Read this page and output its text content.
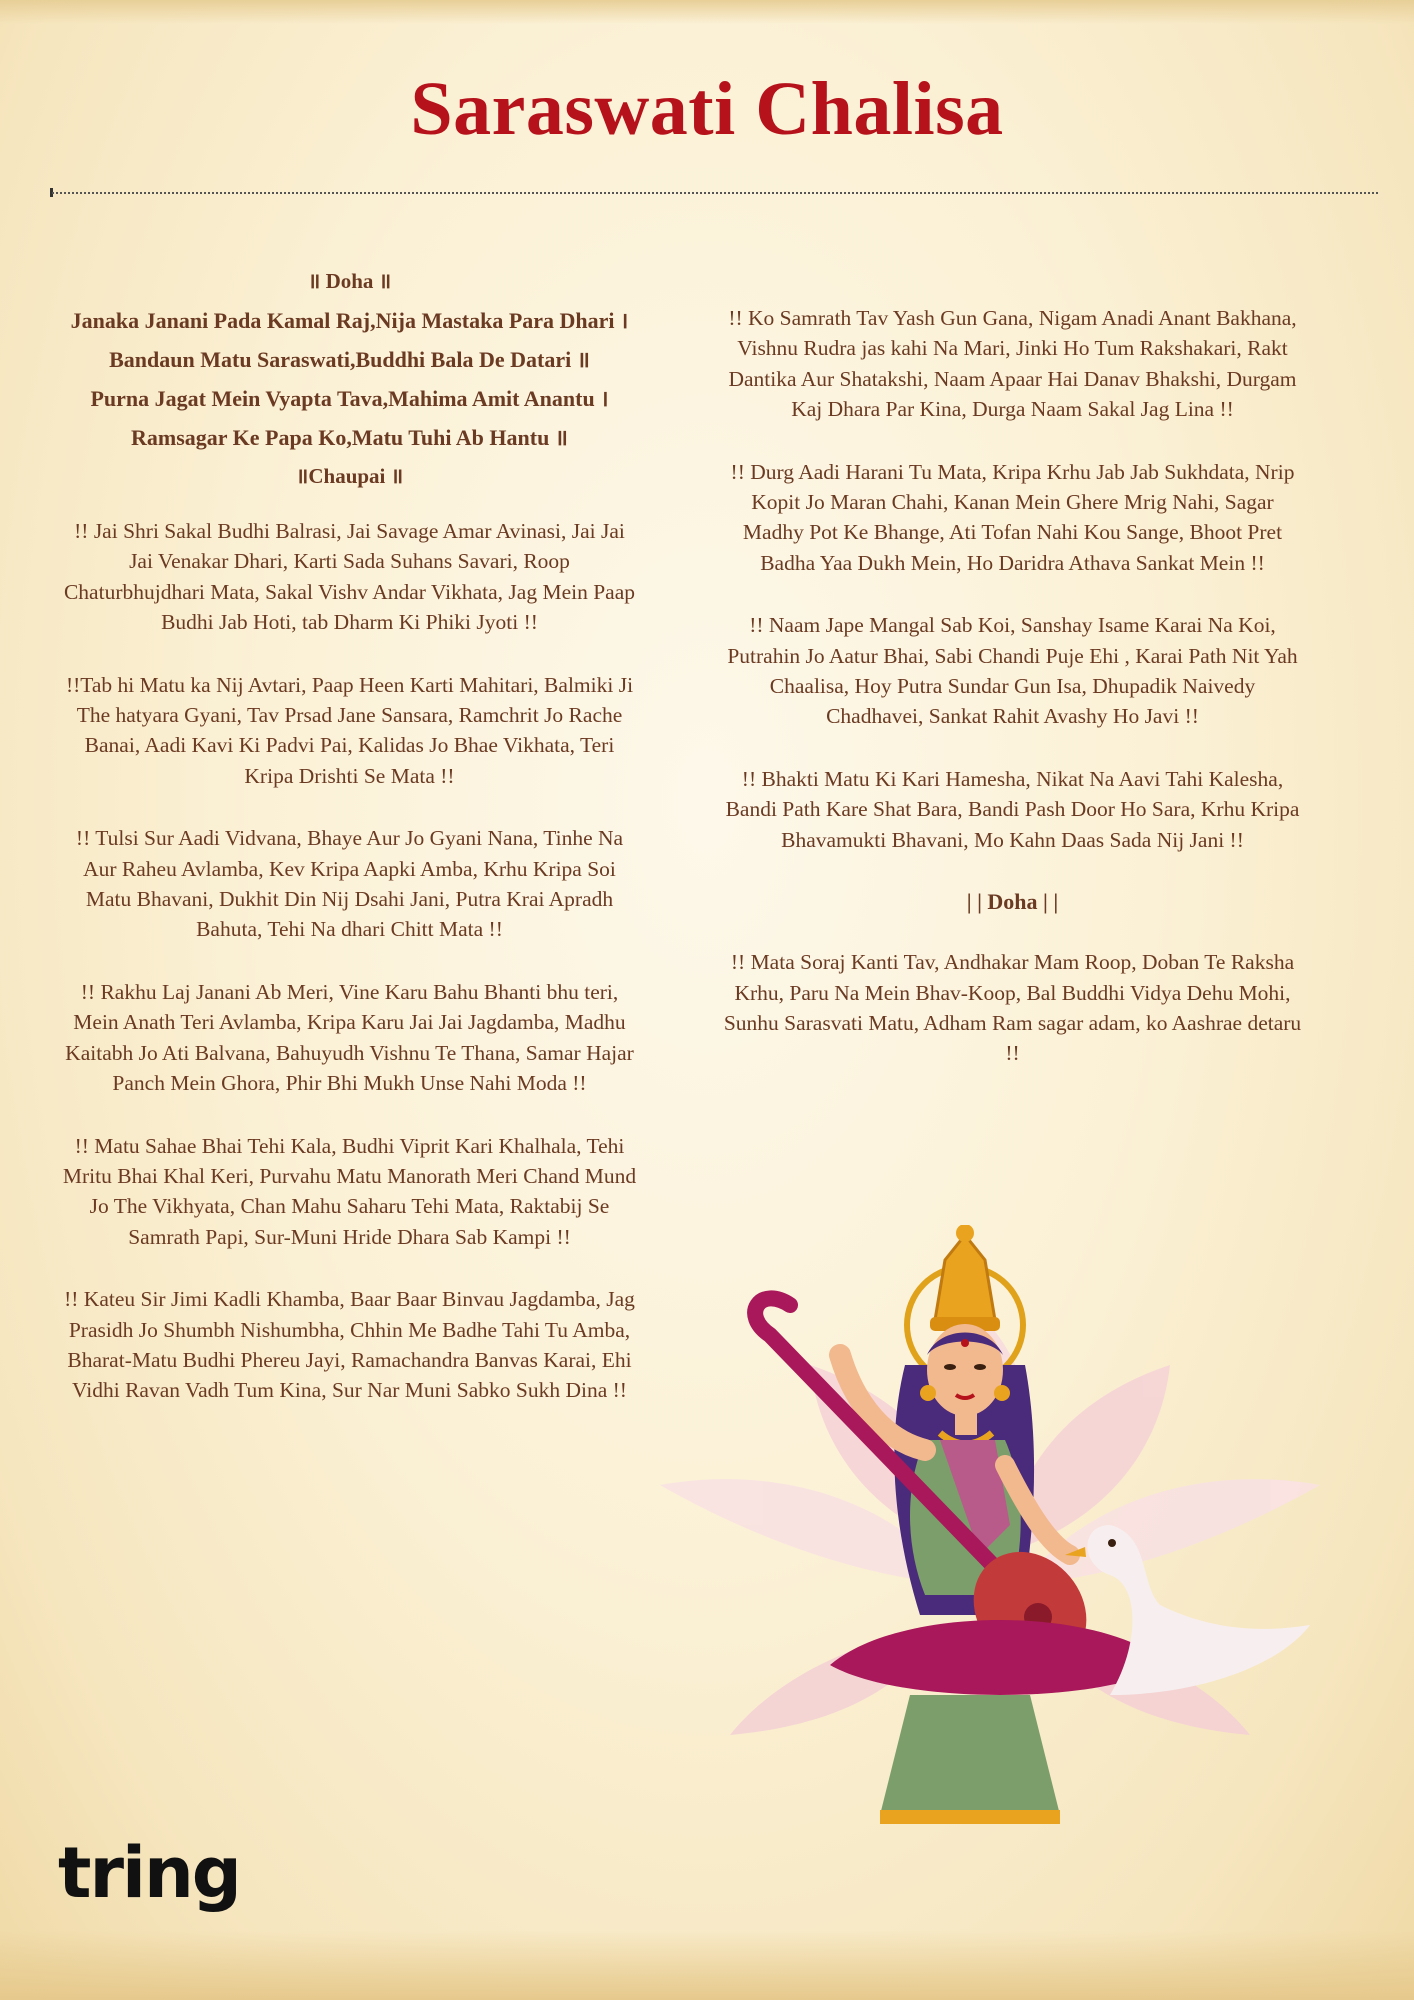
Saraswati Chalisa

॥ Doha ॥

Janaka Janani Pada Kamal Raj,Nija Mastaka Para Dhari ।

Bandaun Matu Saraswati,Buddhi Bala De Datari ॥

Purna Jagat Mein Vyapta Tava,Mahima Amit Anantu ।

Ramsagar Ke Papa Ko,Matu Tuhi Ab Hantu ॥

॥Chaupai ॥

!! Jai Shri Sakal Budhi Balrasi, Jai Savage Amar Avinasi, Jai Jai Jai Venakar Dhari, Karti Sada Suhans Savari, Roop Chaturbhujdhari Mata, Sakal Vishv Andar Vikhata, Jag Mein Paap Budhi Jab Hoti, tab Dharm Ki Phiki Jyoti !!

!!Tab hi Matu ka Nij Avtari, Paap Heen Karti Mahitari, Balmiki Ji The hatyara Gyani, Tav Prsad Jane Sansara, Ramchrit Jo Rache Banai, Aadi Kavi Ki Padvi Pai, Kalidas Jo Bhae Vikhata, Teri Kripa Drishti Se Mata !!

!! Tulsi Sur Aadi Vidvana, Bhaye Aur Jo Gyani Nana, Tinhe Na Aur Raheu Avlamba, Kev Kripa Aapki Amba, Krhu Kripa Soi Matu Bhavani, Dukhit Din Nij Dsahi Jani, Putra Krai Apradh Bahuta, Tehi Na dhari Chitt Mata !!

!! Rakhu Laj Janani Ab Meri, Vine Karu Bahu Bhanti bhu teri, Mein Anath Teri Avlamba, Kripa Karu Jai Jai Jagdamba, Madhu Kaitabh Jo Ati Balvana, Bahuyudh Vishnu Te Thana, Samar Hajar Panch Mein Ghora, Phir Bhi Mukh Unse Nahi Moda !!

!! Matu Sahae Bhai Tehi Kala, Budhi Viprit Kari Khalhala, Tehi Mritu Bhai Khal Keri, Purvahu Matu Manorath Meri Chand Mund Jo The Vikhyata, Chan Mahu Saharu Tehi Mata, Raktabij Se Samrath Papi, Sur-Muni Hride Dhara Sab Kampi !!

!! Kateu Sir Jimi Kadli Khamba, Baar Baar Binvau Jagdamba, Jag Prasidh Jo Shumbh Nishumbha, Chhin Me Badhe Tahi Tu Amba, Bharat-Matu Budhi Phereu Jayi, Ramachandra Banvas Karai, Ehi Vidhi Ravan Vadh Tum Kina, Sur Nar Muni Sabko Sukh Dina !!

!! Ko Samrath Tav Yash Gun Gana, Nigam Anadi Anant Bakhana, Vishnu Rudra jas kahi Na Mari, Jinki Ho Tum Rakshakari, Rakt Dantika Aur Shatakshi, Naam Apaar Hai Danav Bhakshi, Durgam Kaj Dhara Par Kina, Durga Naam Sakal Jag Lina !!

!! Durg Aadi Harani Tu Mata, Kripa Krhu Jab Jab Sukhdata, Nrip Kopit Jo Maran Chahi, Kanan Mein Ghere Mrig Nahi, Sagar Madhy Pot Ke Bhange, Ati Tofan Nahi Kou Sange, Bhoot Pret Badha Yaa Dukh Mein, Ho Daridra Athava Sankat Mein !!

!! Naam Jape Mangal Sab Koi, Sanshay Isame Karai Na Koi, Putrahin Jo Aatur Bhai, Sabi Chandi Puje Ehi , Karai Path Nit Yah Chaalisa, Hoy Putra Sundar Gun Isa, Dhupadik Naivedy Chadhavei, Sankat Rahit Avashy Ho Javi !!

!! Bhakti Matu Ki Kari Hamesha, Nikat Na Aavi Tahi Kalesha, Bandi Path Kare Shat Bara, Bandi Pash Door Ho Sara, Krhu Kripa Bhavamukti Bhavani, Mo Kahn Daas Sada Nij Jani !!

| | Doha | |

!! Mata Soraj Kanti Tav, Andhakar Mam Roop, Doban Te Raksha Krhu, Paru Na Mein Bhav-Koop, Bal Buddhi Vidya Dehu Mohi, Sunhu Sarasvati Matu, Adham Ram sagar adam, ko Aashrae detaru !!

tring
